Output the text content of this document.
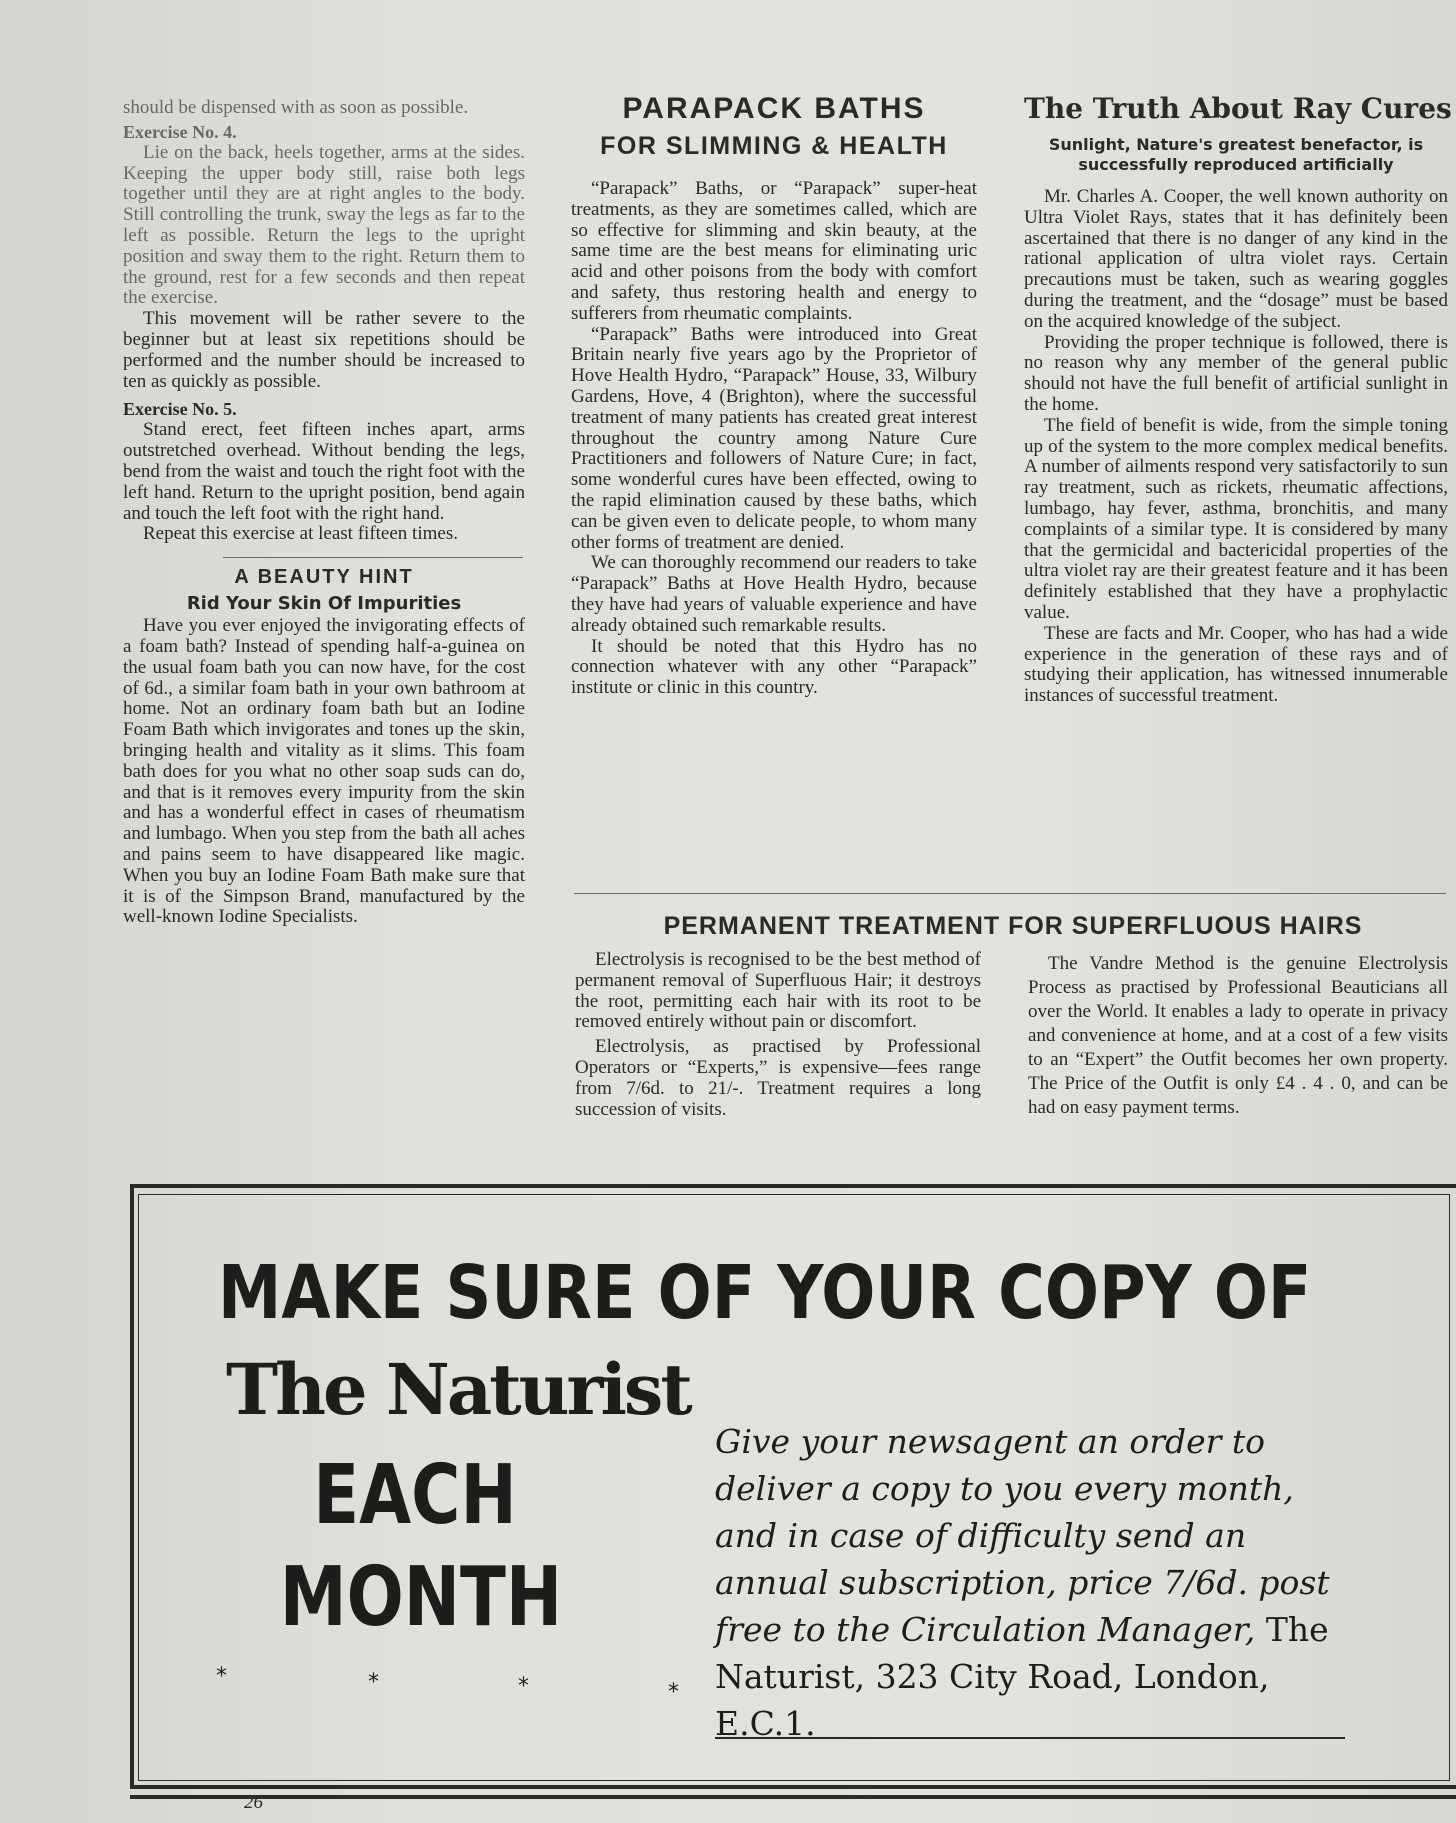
should be dispensed with as soon as possible.

Exercise No. 4.

Lie on the back, heels together, arms at the sides. Keeping the upper body still, raise both legs together until they are at right angles to the body. Still controlling the trunk, sway the legs as far to the left as possible. Return the legs to the upright position and sway them to the right. Return them to the ground, rest for a few seconds and then repeat the exercise.

This movement will be rather severe to the beginner but at least six repetitions should be performed and the number should be increased to ten as quickly as possible.

Exercise No. 5.

Stand erect, feet fifteen inches apart, arms outstretched overhead. Without bending the legs, bend from the waist and touch the right foot with the left hand. Return to the upright position, bend again and touch the left foot with the right hand.

Repeat this exercise at least fifteen times.

A BEAUTY HINT
Rid Your Skin Of Impurities

Have you ever enjoyed the invigorating effects of a foam bath? Instead of spending half-a-guinea on the usual foam bath you can now have, for the cost of 6d., a similar foam bath in your own bathroom at home. Not an ordinary foam bath but an Iodine Foam Bath which invigorates and tones up the skin, bringing health and vitality as it slims. This foam bath does for you what no other soap suds can do, and that is it removes every impurity from the skin and has a wonderful effect in cases of rheumatism and lumbago. When you step from the bath all aches and pains seem to have disappeared like magic. When you buy an Iodine Foam Bath make sure that it is of the Simpson Brand, manufactured by the well-known Iodine Specialists.

PARAPACK BATHS
FOR SLIMMING & HEALTH

“Parapack” Baths, or “Parapack” super-heat treatments, as they are sometimes called, which are so effective for slimming and skin beauty, at the same time are the best means for eliminating uric acid and other poisons from the body with comfort and safety, thus restoring health and energy to sufferers from rheumatic complaints.

“Parapack” Baths were introduced into Great Britain nearly five years ago by the Proprietor of Hove Health Hydro, “Parapack” House, 33, Wilbury Gardens, Hove, 4 (Brighton), where the successful treatment of many patients has created great interest throughout the country among Nature Cure Practitioners and followers of Nature Cure; in fact, some wonderful cures have been effected, owing to the rapid elimination caused by these baths, which can be given even to delicate people, to whom many other forms of treatment are denied.

We can thoroughly recommend our readers to take “Parapack” Baths at Hove Health Hydro, because they have had years of valuable experience and have already obtained such remarkable results.

It should be noted that this Hydro has no connection whatever with any other “Parapack” institute or clinic in this country.

The Truth About Ray Cures
Sunlight, Nature's greatest benefactor, is successfully reproduced artificially

Mr. Charles A. Cooper, the well known authority on Ultra Violet Rays, states that it has definitely been ascertained that there is no danger of any kind in the rational application of ultra violet rays. Certain precautions must be taken, such as wearing goggles during the treatment, and the “dosage” must be based on the acquired knowledge of the subject.

Providing the proper technique is followed, there is no reason why any member of the general public should not have the full benefit of artificial sunlight in the home.

The field of benefit is wide, from the simple toning up of the system to the more complex medical benefits. A number of ailments respond very satisfactorily to sun ray treatment, such as rickets, rheumatic affections, lumbago, hay fever, asthma, bronchitis, and many complaints of a similar type. It is considered by many that the germicidal and bactericidal properties of the ultra violet ray are their greatest feature and it has been definitely established that they have a prophylactic value.

These are facts and Mr. Cooper, who has had a wide experience in the generation of these rays and of studying their application, has witnessed innumerable instances of successful treatment.

PERMANENT TREATMENT FOR SUPERFLUOUS HAIRS

Electrolysis is recognised to be the best method of permanent removal of Superfluous Hair; it destroys the root, permitting each hair with its root to be removed entirely without pain or discomfort.

Electrolysis, as practised by Professional Operators or “Experts,” is expensive—fees range from 7/6d. to 21/-. Treatment requires a long succession of visits.

The Vandre Method is the genuine Electrolysis Process as practised by Professional Beauticians all over the World. It enables a lady to operate in privacy and convenience at home, and at a cost of a few visits to an “Expert” the Outfit becomes her own property. The Price of the Outfit is only £4 . 4 . 0, and can be had on easy payment terms.

MAKE SURE OF YOUR COPY OF
The Naturist
EACH
MONTH
*	*	*	*
Give your newsagent an order to deliver a copy to you every month, and in case of difficulty send an annual subscription, price 7/6d. post free to the Circulation Manager, The Naturist, 323 City Road, London, E.C.1.
26
